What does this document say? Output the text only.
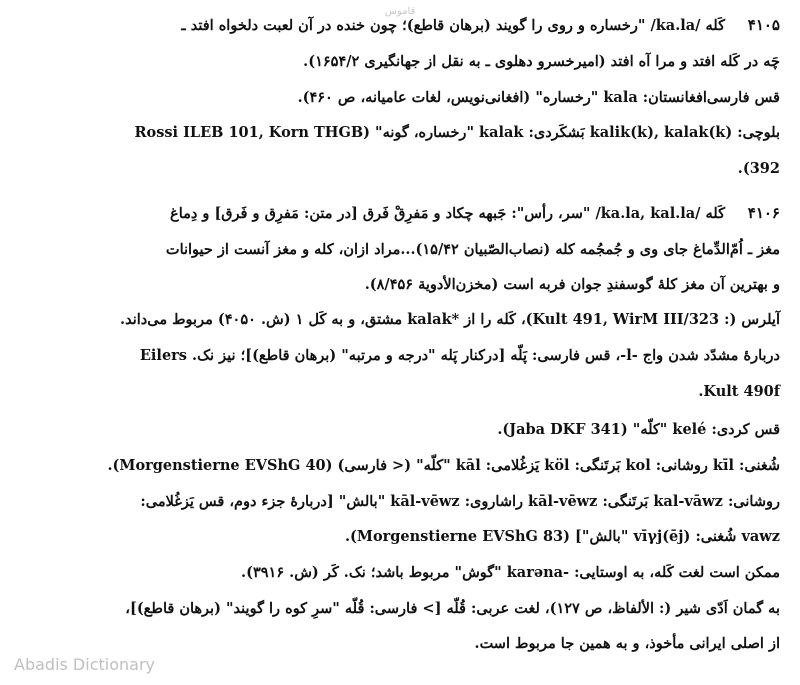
قاموس
۴۱۰۵
کَله /ka.la/ "رخساره و روی را گویند (برهان قاطع)؛ چون خنده در آن لعبت دلخواه افتد ـ
چَه در کَله افتد و مرا آه افتد (امیرخسرو دهلوی ـ به نقل از جهانگیری ۱۶۵۴/۲).
قس فارسی‌افغانستان: kala "رخساره" (افغانی‌نویس، لغات عامیانه، ص ۴۶۰).
بلوچی: kalik(k), kalak(k) بَشکَردی: kalak "رخساره، گونه" (Rossi ILEB 101, Korn THGB
392).
۴۱۰۶
کَله /ka.la, kal.la/ "سر، رأس": جَبهه چکاد و مَفرِقْ فَرق [در متن: مَفرِق و فَرق] و دِماغ
مغز ـ اُمّ‌الدِّماغ جای وی و جُمجُمه کله (نصاب‌الصّبیان ۱۵/۴۲)...مراد ازان، کله و مغز آنست از حیوانات
و بهترین آن مغز کلهٔ گوسفندِ جوان فربه است (مخزن‌الأدویة ۸/۴۵۶).
آیلرس (: Kult 491, WirM III/323)، کَله را از *kalak مشتق، و به کَل ۱ (ش. ۴۰۵۰) مربوط می‌داند.
دربارهٔ مشدّد شدن واج -l-، قس فارسی: پَلّه [درکنار پَله "درجه و مرتبه" (برهان قاطع)]؛ نیز نک. Eilers
Kult 490f.
قس کردی: kelé "کلّه" (Jaba DKF 341).
شُغنی: kīl روشانی: kol بَرتَنگی: köl یَزغُلامی: kāl "کلّه" (< فارسی) (Morgenstierne EVShG 40).
روشانی: kal-vāwz بَرتَنگی: kāl-vēwz راشاروی: kāl-vēwz "بالش" [دربارهٔ جزء دوم، قس یَزغُلامی:
vawz شُغنی: vīγj(ēj) "بالش"] (Morgenstierne EVShG 83).
ممکن است لغت کَله، به اوستایی: -karəna "گوش" مربوط باشد؛ نک. کَر (ش. ۳۹۱۶).
به گمان اَدّی شیر (: الألفاظ، ص ۱۲۷)، لغت عربی: قُلّه [> فارسی: قُلّه "سرِ کوه را گویند" (برهان قاطع)]،
از اصلی ایرانی مأخوذ، و به همین جا مربوط است.
Abadis Dictionary
